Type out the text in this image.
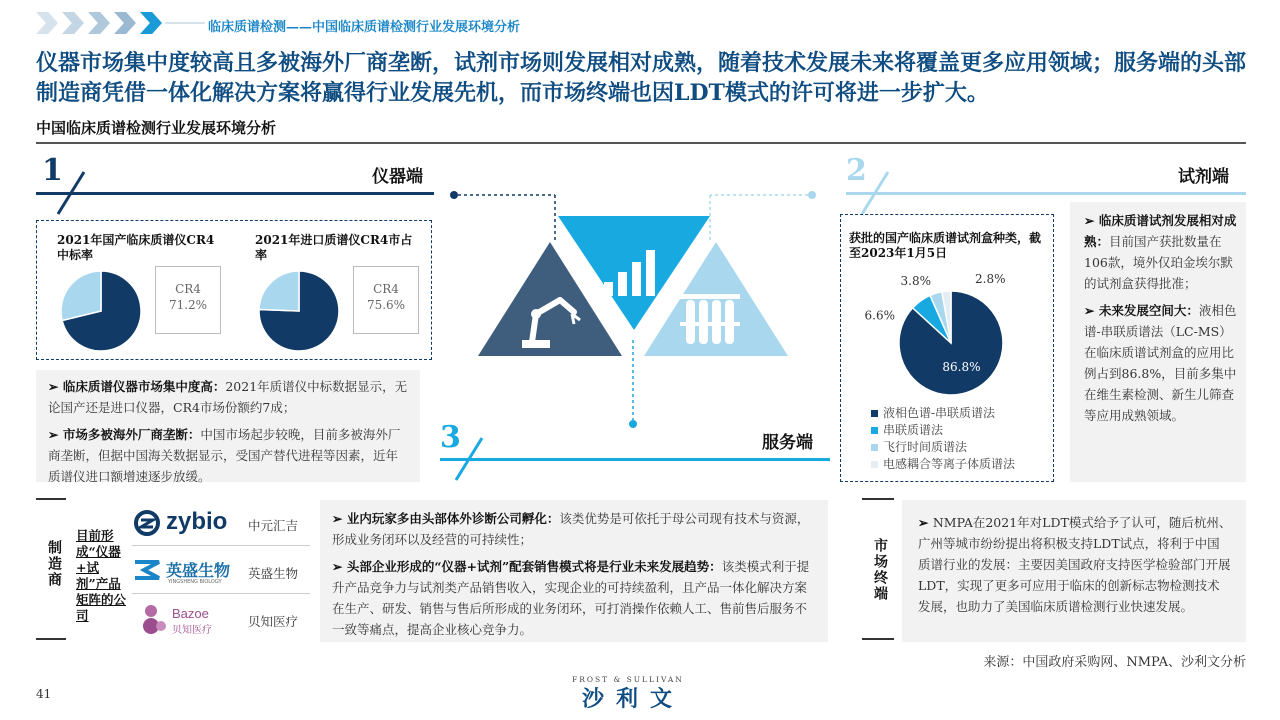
临床质谱检测——中国临床质谱检测行业发展环境分析
仪器市场集中度较高且多被海外厂商垄断，试剂市场则发展相对成熟，随着技术发展未来将覆盖更多应用领域；服务端的头部制造商凭借一体化解决方案将赢得行业发展先机，而市场终端也因LDT模式的许可将进一步扩大。
中国临床质谱检测行业发展环境分析
1	仪器端
2021年国产临床质谱仪CR4中标率
CR4
71.2%
2021年进口质谱仪CR4市占率
CR4
75.6%
➢ 临床质谱仪器市场集中度高：2021年质谱仪中标数据显示，无论国产还是进口仪器，CR4市场份额约7成；
➢ 市场多被海外厂商垄断：中国市场起步较晚，目前多被海外厂商垄断，但据中国海关数据显示，受国产替代进程等因素，近年质谱仪进口额增速逐步放缓。
2	试剂端
获批的国产临床质谱试剂盒种类，截至2023年1月5日
86.8%
6.6%
3.8%	2.8%
液相色谱-串联质谱法
串联质谱法
飞行时间质谱法
电感耦合等离子体质谱法
➢ 临床质谱试剂发展相对成熟：目前国产获批数量在106款，境外仅珀金埃尔默的试剂盒获得批准；
➢ 未来发展空间大：液相色谱-串联质谱法（LC-MS）在临床质谱试剂盒的应用比例占到86.8%，目前多集中在维生素检测、新生儿筛查等应用成熟领域。
3	服务端
制造商
目前形成“仪器+试剂”产品矩阵的公司
zybio 中元汇吉
英盛生物
YINGSHENG BIOLOGY
英盛生物
Bazoe
贝知医疗
贝知医疗
➢ 业内玩家多由头部体外诊断公司孵化：该类优势是可依托于母公司现有技术与资源，形成业务闭环以及经营的可持续性；
➢ 头部企业形成的“仪器+试剂”配套销售模式将是行业未来发展趋势：该类模式利于提升产品竞争力与试剂类产品销售收入，实现企业的可持续盈利，且产品一体化解决方案在生产、研发、销售与售后所形成的业务闭环，可打消操作依赖人工、售前售后服务不一致等痛点，提高企业核心竞争力。
市场终端
➢ NMPA在2021年对LDT模式给予了认可，随后杭州、广州等城市纷纷提出将积极支持LDT试点，将利于中国质谱行业的发展：主要因美国政府支持医学检验部门开展LDT，实现了更多可应用于临床的创新标志物检测技术发展，也助力了美国临床质谱检测行业快速发展。
来源：中国政府采购网、NMPA、沙利文分析
41
FROST & SULLIVAN
沙利文
